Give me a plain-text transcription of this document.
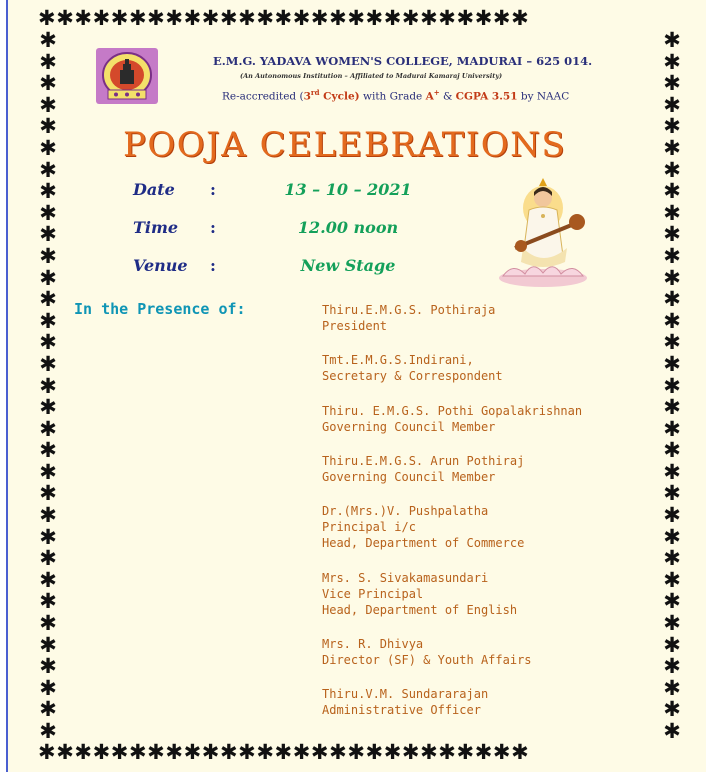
✱✱✱✱✱✱✱✱✱✱✱✱✱✱✱✱✱✱✱✱✱✱✱✱✱✱✱
✱✱✱✱✱✱✱✱✱✱✱✱✱✱✱✱✱✱✱✱✱✱✱✱✱✱✱
✱
✱
✱
✱
✱
✱
✱
✱
✱
✱
✱
✱
✱
✱
✱
✱
✱
✱
✱
✱
✱
✱
✱
✱
✱
✱
✱
✱
✱
✱
✱
✱
✱
✱
✱
✱
✱
✱
✱
✱
✱
✱
✱
✱
✱
✱
✱
✱
✱
✱
✱
✱
✱
✱
✱
✱
✱
✱
✱
✱
✱
✱
✱
✱
✱
✱
E.M.G. YADAVA WOMEN'S COLLEGE, MADURAI – 625 014.
(An Autonomous Institution – Affiliated to Madurai Kamaraj University)
Re-accredited (3rd Cycle) with Grade A+ & CGPA 3.51 by NAAC
POOJA CELEBRATIONS
Date	:	13 – 10 – 2021
Time	:	12.00 noon
Venue	:	New Stage
In the Presence of:	Thiru.E.M.G.S. Pothiraja
President
Tmt.E.M.G.S.Indirani,
Secretary & Correspondent
Thiru. E.M.G.S. Pothi Gopalakrishnan
Governing Council Member
Thiru.E.M.G.S. Arun Pothiraj
Governing Council Member
Dr.(Mrs.)V. Pushpalatha
Principal i/c
Head, Department of Commerce
Mrs. S. Sivakamasundari
Vice Principal
Head, Department of English
Mrs. R. Dhivya
Director (SF) & Youth Affairs
Thiru.V.M. Sundararajan
Administrative Officer
